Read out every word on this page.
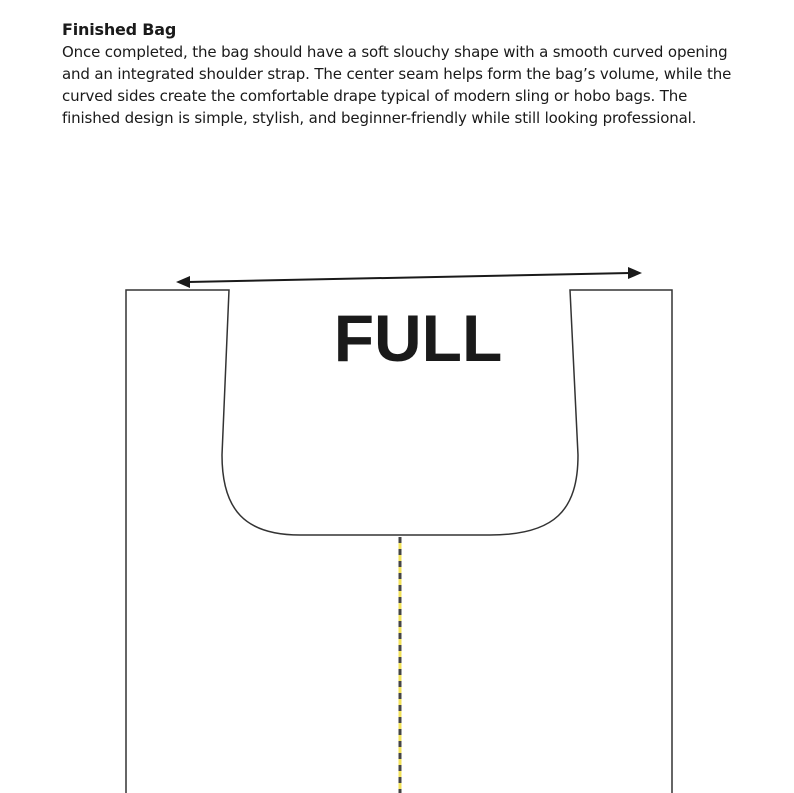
Finished Bag

Once completed, the bag should have a soft slouchy shape with a smooth curved opening and an integrated shoulder strap. The center seam helps form the bag’s volume, while the curved sides create the comfortable drape typical of modern sling or hobo bags. The finished design is simple, stylish, and beginner-friendly while still looking professional.

FULL
